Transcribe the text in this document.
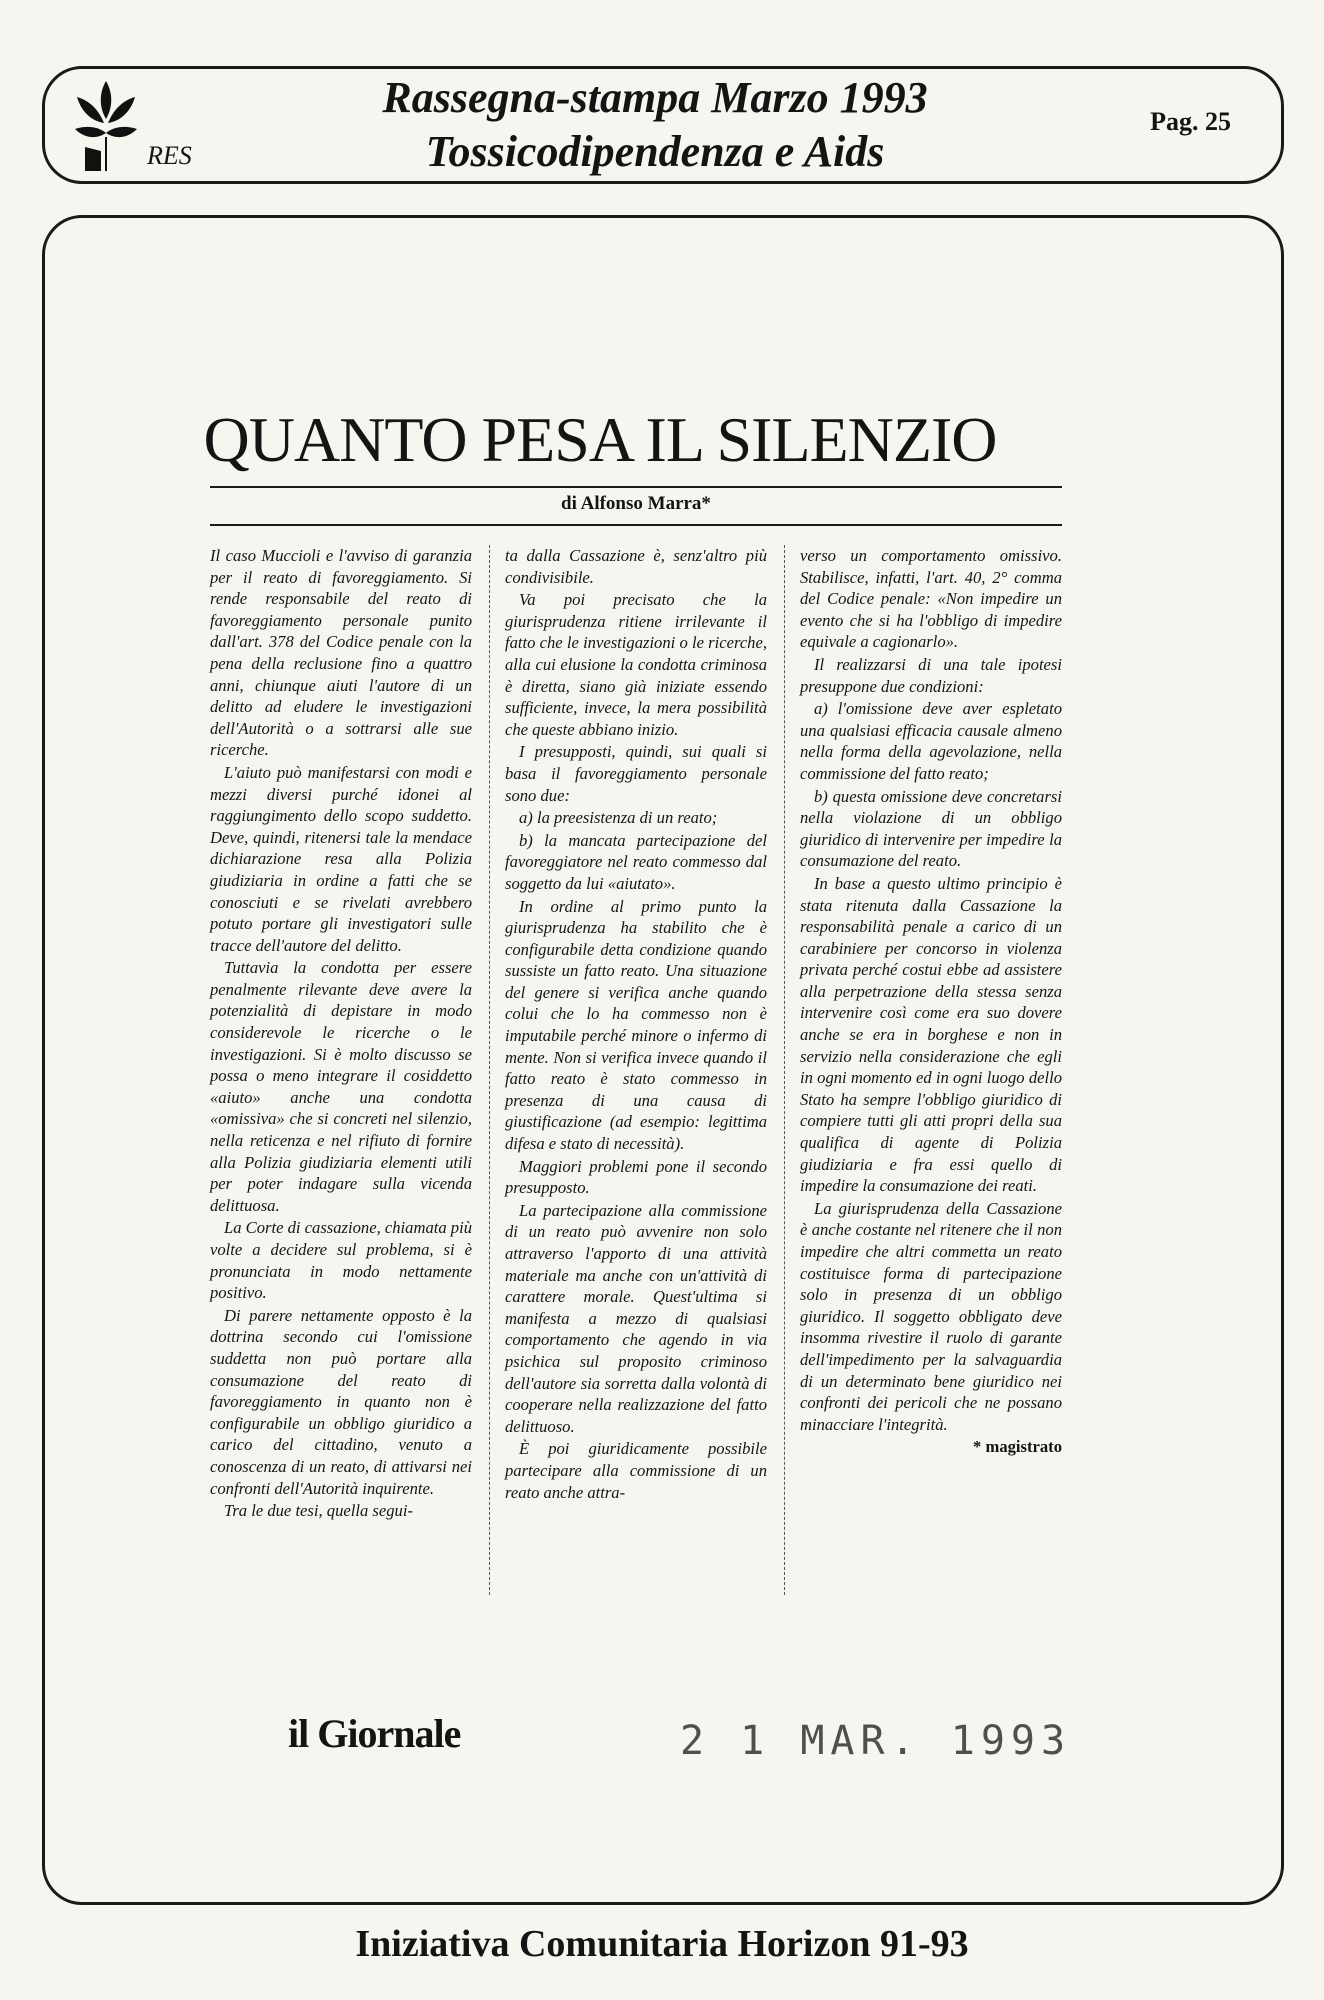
RES
Rassegna-stampa Marzo 1993
Tossicodipendenza e Aids
Pag. 25
QUANTO PESA IL SILENZIO
di Alfonso Marra*

Il caso Muccioli e l'avviso di garanzia per il reato di favoreggiamento. Si rende responsabile del reato di favoreggiamento personale punito dall'art. 378 del Codice penale con la pena della reclusione fino a quattro anni, chiunque aiuti l'autore di un delitto ad eludere le investigazioni dell'Autorità o a sottrarsi alle sue ricerche.

L'aiuto può manifestarsi con modi e mezzi diversi purché idonei al raggiungimento dello scopo suddetto. Deve, quindi, ritenersi tale la mendace dichiarazione resa alla Polizia giudiziaria in ordine a fatti che se conosciuti e se rivelati avrebbero potuto portare gli investigatori sulle tracce dell'autore del delitto.

Tuttavia la condotta per essere penalmente rilevante deve avere la potenzialità di depistare in modo considerevole le ricerche o le investigazioni. Si è molto discusso se possa o meno integrare il cosiddetto «aiuto» anche una condotta «omissiva» che si concreti nel silenzio, nella reticenza e nel rifiuto di fornire alla Polizia giudiziaria elementi utili per poter indagare sulla vicenda delittuosa.

La Corte di cassazione, chiamata più volte a decidere sul problema, si è pronunciata in modo nettamente positivo.

Di parere nettamente opposto è la dottrina secondo cui l'omissione suddetta non può portare alla consumazione del reato di favoreggiamento in quanto non è configurabile un obbligo giuridico a carico del cittadino, venuto a conoscenza di un reato, di attivarsi nei confronti dell'Autorità inquirente.

Tra le due tesi, quella segui-

ta dalla Cassazione è, senz'altro più condivisibile.

Va poi precisato che la giurisprudenza ritiene irrilevante il fatto che le investigazioni o le ricerche, alla cui elusione la condotta criminosa è diretta, siano già iniziate essendo sufficiente, invece, la mera possibilità che queste abbiano inizio.

I presupposti, quindi, sui quali si basa il favoreggiamento personale sono due:

a) la preesistenza di un reato;

b) la mancata partecipazione del favoreggiatore nel reato commesso dal soggetto da lui «aiutato».

In ordine al primo punto la giurisprudenza ha stabilito che è configurabile detta condizione quando sussiste un fatto reato. Una situazione del genere si verifica anche quando colui che lo ha commesso non è imputabile perché minore o infermo di mente. Non si verifica invece quando il fatto reato è stato commesso in presenza di una causa di giustificazione (ad esempio: legittima difesa e stato di necessità).

Maggiori problemi pone il secondo presupposto.

La partecipazione alla commissione di un reato può avvenire non solo attraverso l'apporto di una attività materiale ma anche con un'attività di carattere morale. Quest'ultima si manifesta a mezzo di qualsiasi comportamento che agendo in via psichica sul proposito criminoso dell'autore sia sorretta dalla volontà di cooperare nella realizzazione del fatto delittuoso.

È poi giuridicamente possibile partecipare alla commissione di un reato anche attra-

verso un comportamento omissivo. Stabilisce, infatti, l'art. 40, 2° comma del Codice penale: «Non impedire un evento che si ha l'obbligo di impedire equivale a cagionarlo».

Il realizzarsi di una tale ipotesi presuppone due condizioni:

a) l'omissione deve aver espletato una qualsiasi efficacia causale almeno nella forma della agevolazione, nella commissione del fatto reato;

b) questa omissione deve concretarsi nella violazione di un obbligo giuridico di intervenire per impedire la consumazione del reato.

In base a questo ultimo principio è stata ritenuta dalla Cassazione la responsabilità penale a carico di un carabiniere per concorso in violenza privata perché costui ebbe ad assistere alla perpetrazione della stessa senza intervenire così come era suo dovere anche se era in borghese e non in servizio nella considerazione che egli in ogni momento ed in ogni luogo dello Stato ha sempre l'obbligo giuridico di compiere tutti gli atti propri della sua qualifica di agente di Polizia giudiziaria e fra essi quello di impedire la consumazione dei reati.

La giurisprudenza della Cassazione è anche costante nel ritenere che il non impedire che altri commetta un reato costituisce forma di partecipazione solo in presenza di un obbligo giuridico. Il soggetto obbligato deve insomma rivestire il ruolo di garante dell'impedimento per la salvaguardia di un determinato bene giuridico nei confronti dei pericoli che ne possano minacciare l'integrità.

* magistrato
il Giornale	2 1 MAR. 1993
Iniziativa Comunitaria Horizon 91-93
